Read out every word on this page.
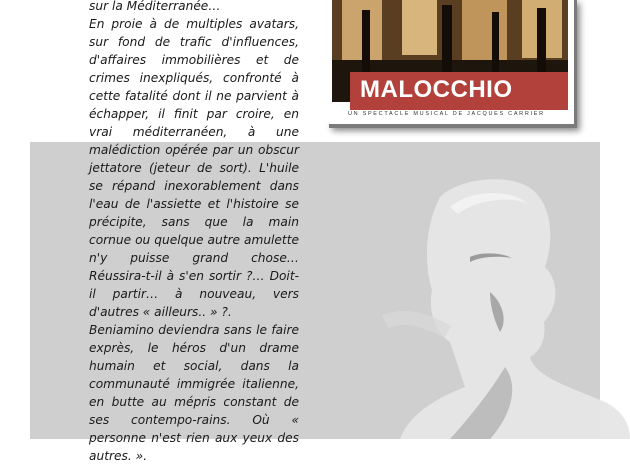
MALOCCHIO
UN SPECTACLE MUSICAL DE JACQUES CARRIER

sur la Méditerranée…

En proie à de multiples avatars, sur fond de trafic d'influences, d'affaires immobilières et de crimes inexpliqués, confronté à cette fatalité dont il ne parvient à échapper, il finit par croire, en vrai méditerranéen, à une malédiction opérée par un obscur jettatore (jeteur de sort). L'huile se répand inexorablement dans l'eau de l'assiette et l'histoire se précipite, sans que la main cornue ou quelque autre amulette n'y puisse grand chose… Réussira-t-il à s'en sortir ?… Doit-il partir… à nouveau, vers d'autres « ailleurs.. » ?.

Beniamino deviendra sans le faire exprès, le héros d'un drame humain et social, dans la communauté immigrée italienne, en butte au mépris constant de ses contempo-rains. Où « personne n'est rien aux yeux des autres. ».
